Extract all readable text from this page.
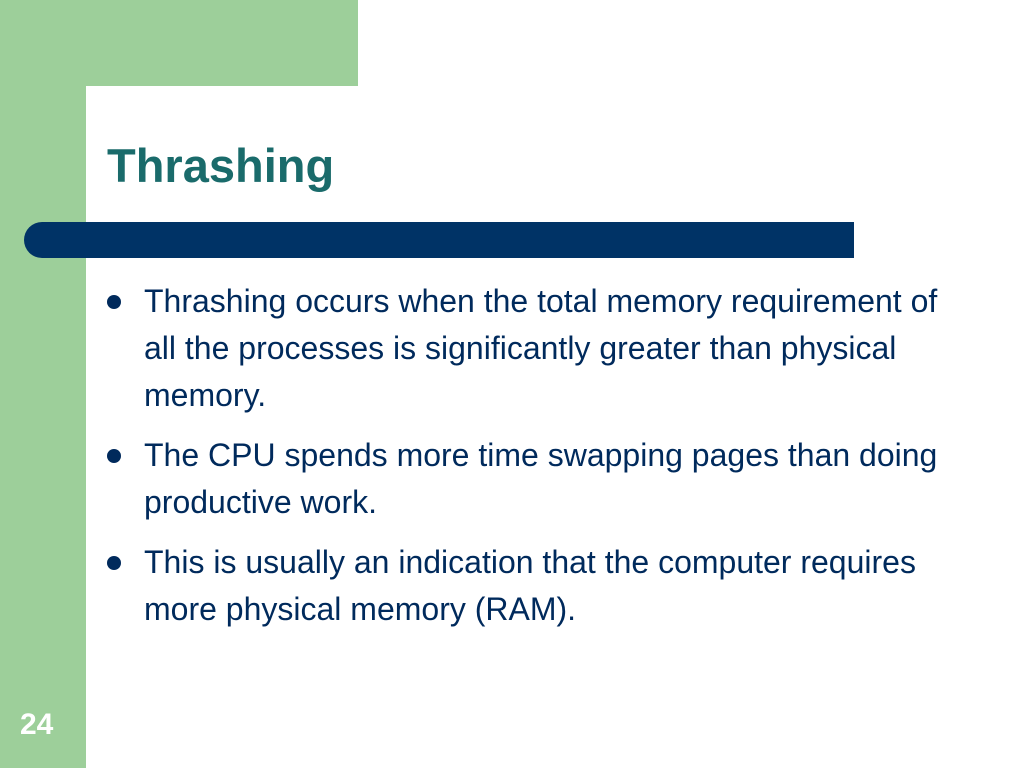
Thrashing
Thrashing occurs when the total memory requirement of all the processes is significantly greater than physical memory.
The CPU spends more time swapping pages than doing productive work.
This is usually an indication that the computer requires more physical memory (RAM).
24
